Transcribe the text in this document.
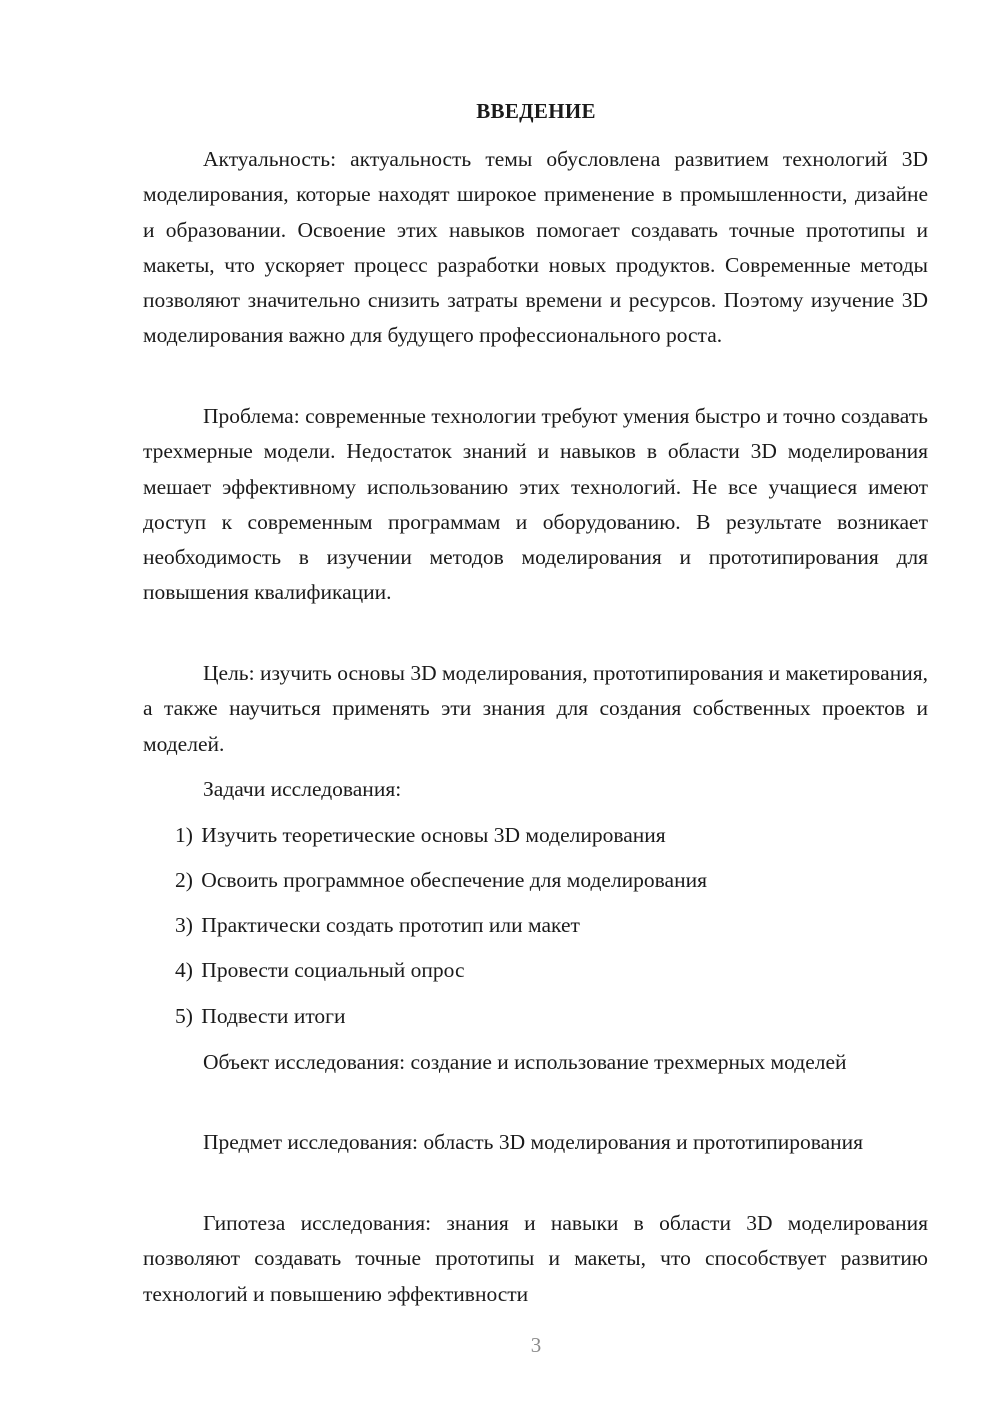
ВВЕДЕНИЕ

Актуальность: актуальность темы обусловлена развитием технологий 3D моделирования, которые находят широкое применение в промышленности, дизайне и образовании. Освоение этих навыков помогает создавать точные прототипы и макеты, что ускоряет процесс разработки новых продуктов. Современные методы позволяют значительно снизить затраты времени и ресурсов. Поэтому изучение 3D моделирования важно для будущего профессионального роста.

Проблема: современные технологии требуют умения быстро и точно создавать трехмерные модели. Недостаток знаний и навыков в области 3D моделирования мешает эффективному использованию этих технологий. Не все учащиеся имеют доступ к современным программам и оборудованию. В результате возникает необходимость в изучении методов моделирования и прототипирования для повышения квалификации.

Цель: изучить основы 3D моделирования, прототипирования и макетирования, а также научиться применять эти знания для создания собственных проектов и моделей.

Задачи исследования:

1) Изучить теоретические основы 3D моделирования
2) Освоить программное обеспечение для моделирования
3) Практически создать прототип или макет
4) Провести социальный опрос
5) Подвести итоги

Объект исследования: создание и использование трехмерных моделей

Предмет исследования: область 3D моделирования и прототипирования

Гипотеза исследования: знания и навыки в области 3D моделирования позволяют создавать точные прототипы и макеты, что способствует развитию технологий и повышению эффективности

3
